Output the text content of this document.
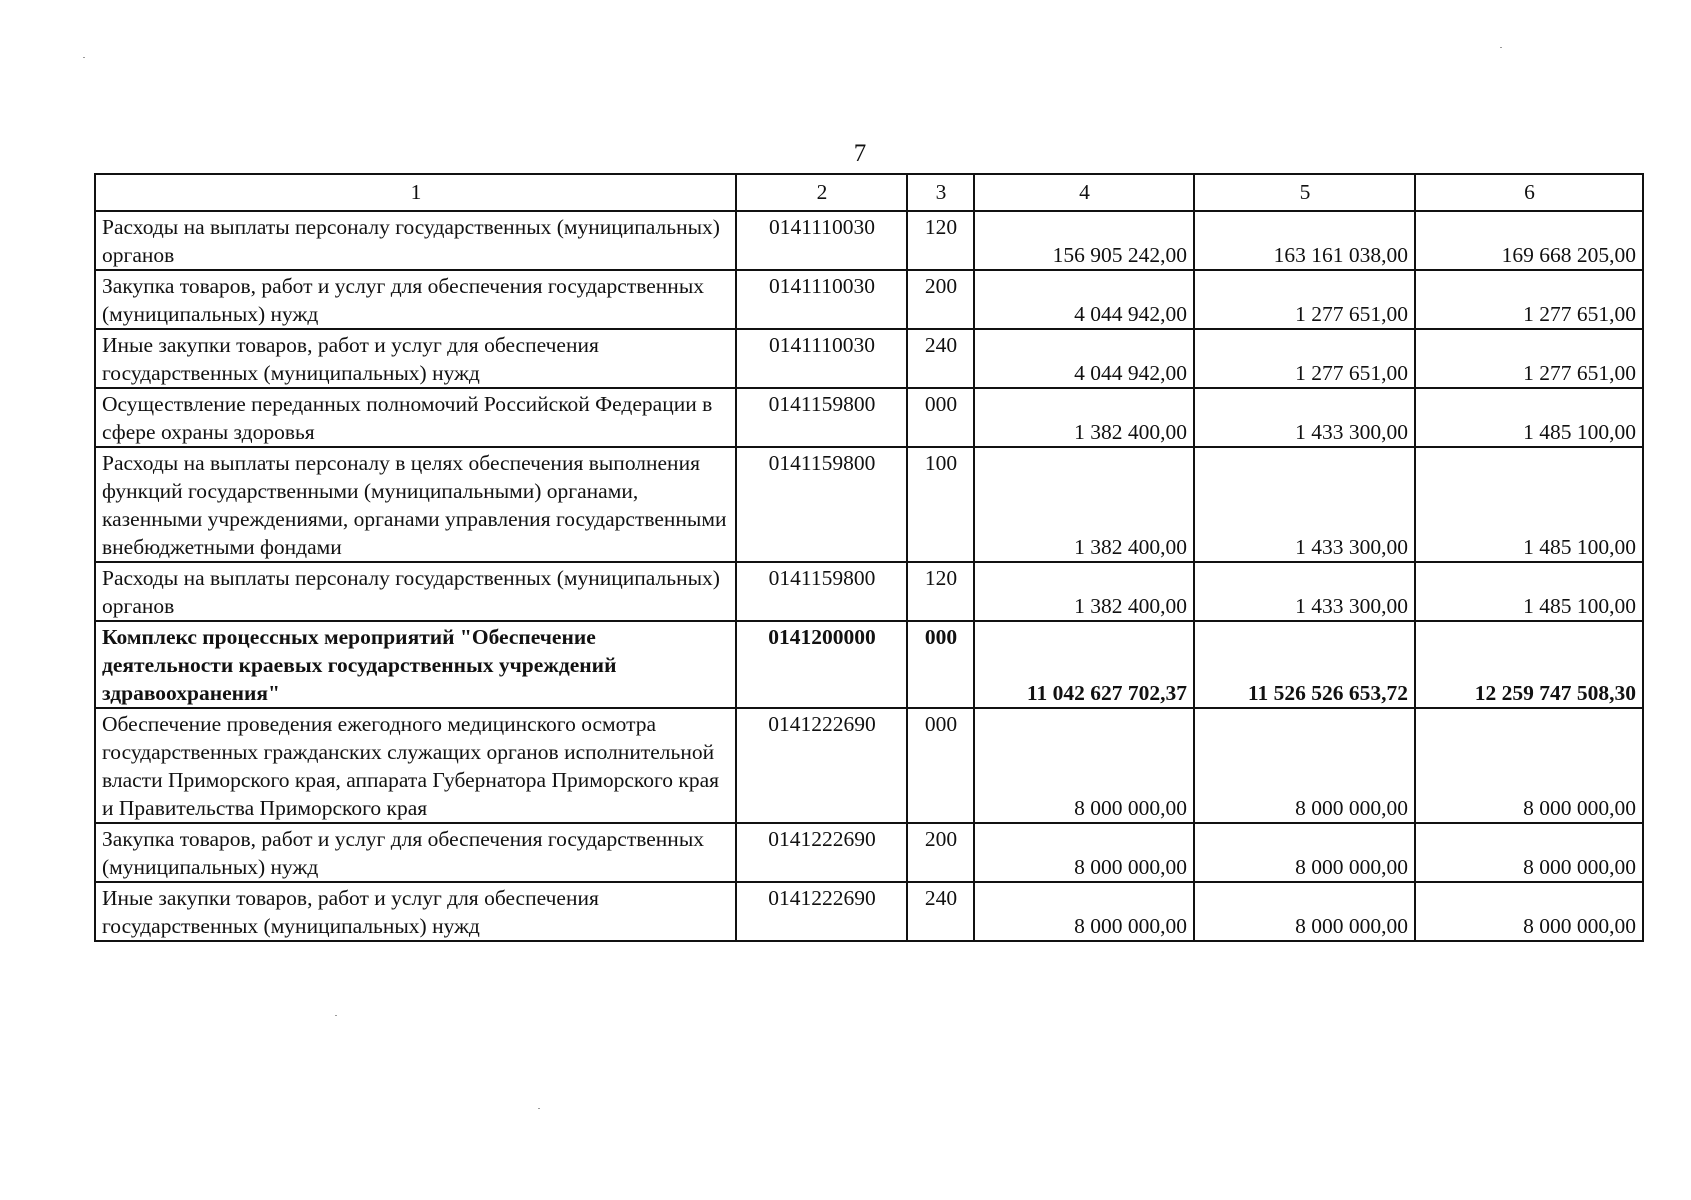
7
1	2	3	4	5	6
Расходы на выплаты персоналу государственных (муниципальных) органов	0141110030	120	156 905 242,00	163 161 038,00	169 668 205,00
Закупка товаров, работ и услуг для обеспечения государственных (муниципальных) нужд	0141110030	200	4 044 942,00	1 277 651,00	1 277 651,00
Иные закупки товаров, работ и услуг для обеспечения государственных (муниципальных) нужд	0141110030	240	4 044 942,00	1 277 651,00	1 277 651,00
Осуществление переданных полномочий Российской Федерации в сфере охраны здоровья	0141159800	000	1 382 400,00	1 433 300,00	1 485 100,00
Расходы на выплаты персоналу в целях обеспечения выполнения функций государственными (муниципальными) органами, казенными учреждениями, органами управления государственными внебюджетными фондами	0141159800	100	1 382 400,00	1 433 300,00	1 485 100,00
Расходы на выплаты персоналу государственных (муниципальных) органов	0141159800	120	1 382 400,00	1 433 300,00	1 485 100,00
Комплекс процессных мероприятий "Обеспечение деятельности краевых государственных учреждений здравоохранения"	0141200000	000	11 042 627 702,37	11 526 526 653,72	12 259 747 508,30
Обеспечение проведения ежегодного медицинского осмотра государственных гражданских служащих органов исполнительной власти Приморского края, аппарата Губернатора Приморского края и Правительства Приморского края	0141222690	000	8 000 000,00	8 000 000,00	8 000 000,00
Закупка товаров, работ и услуг для обеспечения государственных (муниципальных) нужд	0141222690	200	8 000 000,00	8 000 000,00	8 000 000,00
Иные закупки товаров, работ и услуг для обеспечения государственных (муниципальных) нужд	0141222690	240	8 000 000,00	8 000 000,00	8 000 000,00
